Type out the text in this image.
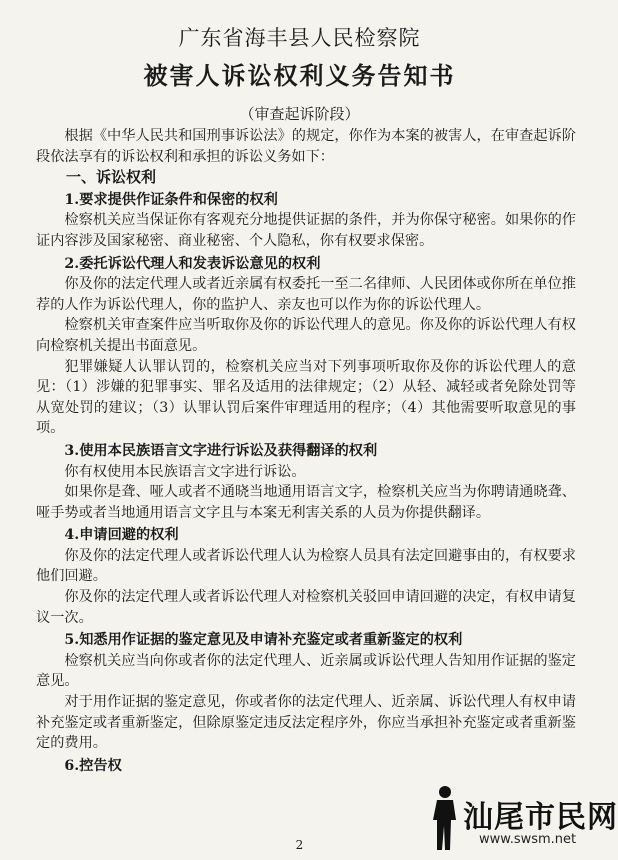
广东省海丰县人民检察院
被害人诉讼权利义务告知书
（审查起诉阶段）

根据《中华人民共和国刑事诉讼法》的规定，你作为本案的被害人，在审查起诉阶段依法享有的诉讼权利和承担的诉讼义务如下：

一、诉讼权利

1.要求提供作证条件和保密的权利

检察机关应当保证你有客观充分地提供证据的条件，并为你保守秘密。如果你的作证内容涉及国家秘密、商业秘密、个人隐私，你有权要求保密。

2.委托诉讼代理人和发表诉讼意见的权利

你及你的法定代理人或者近亲属有权委托一至二名律师、人民团体或你所在单位推荐的人作为诉讼代理人，你的监护人、亲友也可以作为你的诉讼代理人。

检察机关审查案件应当听取你及你的诉讼代理人的意见。你及你的诉讼代理人有权向检察机关提出书面意见。

犯罪嫌疑人认罪认罚的，检察机关应当对下列事项听取你及你的诉讼代理人的意见：（1）涉嫌的犯罪事实、罪名及适用的法律规定；（2）从轻、减轻或者免除处罚等从宽处罚的建议；（3）认罪认罚后案件审理适用的程序；（4）其他需要听取意见的事项。

3.使用本民族语言文字进行诉讼及获得翻译的权利

你有权使用本民族语言文字进行诉讼。

如果你是聋、哑人或者不通晓当地通用语言文字，检察机关应当为你聘请通晓聋、哑手势或者当地通用语言文字且与本案无利害关系的人员为你提供翻译。

4.申请回避的权利

你及你的法定代理人或者诉讼代理人认为检察人员具有法定回避事由的，有权要求他们回避。

你及你的法定代理人或者诉讼代理人对检察机关驳回申请回避的决定，有权申请复议一次。

5.知悉用作证据的鉴定意见及申请补充鉴定或者重新鉴定的权利

检察机关应当向你或者你的法定代理人、近亲属或诉讼代理人告知用作证据的鉴定意见。

对于用作证据的鉴定意见，你或者你的法定代理人、近亲属、诉讼代理人有权申请补充鉴定或者重新鉴定，但除原鉴定违反法定程序外，你应当承担补充鉴定或者重新鉴定的费用。

6.控告权

2
汕尾市民网
www.swsm.net
